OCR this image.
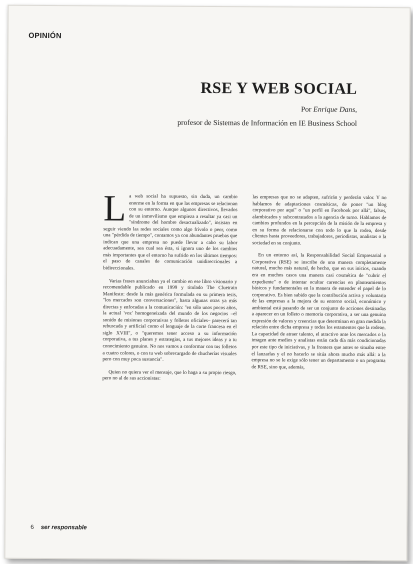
OPINIÓN
RSE Y WEB SOCIAL
Por Enrique Dans,
profesor de Sistemas de Información en IE Business School

La web social ha supuesto, sin duda, un cambio enorme en la forma en que las empresas se relacionan con su entorno. Aunque algunos directivos, llevados de un inmovilismo que empieza a resultar ya casi un "síndrome del hombre desactualizado", insistan en seguir viendo las redes sociales como algo frívolo o peor, como una "pérdida de tiempo", contamos ya con abundantes pruebas que indican que una empresa no puede llevar a cabo su labor adecuadamente, sea cual sea ésta, si ignora uno de los cambios más importantes que el entorno ha sufrido en los últimos tiempos: el paso de canales de comunicación unidireccionales a bidireccionales.

Varias frases anunciaban ya el cambio en ese libro visionario y recomendable publicado en 1999 y titulado The Cluetrain Manifesto: desde la más genérica formulada en su primera tesis, "los mercados son conversaciones", hasta algunas otras ya más directas y enfocadas a la comunicación: "en sólo unos pocos años, la actual 'voz' homogeneizada del mundo de los negocios –el sonido de misiones corporativas y folletos oficiales– parecerá tan rebuscada y artificial como el lenguaje de la corte francesa en el siglo XVIII", o "queremos tener acceso a su información corporativa, a tus planes y estrategias, a tus mejores ideas y a tu conocimiento genuino. No nos vamos a conformar con tus folletos a cuatro colores, o con tu web sobrecargado de chucherías visuales pero con muy poca sustancia".

Quien no quiera ver el mensaje, que lo haga a su propio riesgo, pero no al de sus accionistas:

las empresas que no se adapten, sufrirán y perderán valor. Y no hablamos de adaptaciones cosméticas, de poner "un blog corporativo por aquí" o "un perfil en Facebook por allá", falsos, alambicados y subcontratados a la agencia de turno. Hablamos de cambios profundos en la percepción de la misión de la empresa y en su forma de relacionarse con todo lo que la rodea, desde clientes hasta proveedores, trabajadores, periodistas, analistas o la sociedad en su conjunto.

En un entorno así, la Responsabilidad Social Empresarial o Corporativa (RSE) se inscribe de una manera completamente natural, mucho más natural, de hecho, que en sus inicios, cuando era en muchos casos una manera casi cosmética de "cubrir el expediente" o de intentar ocultar carencias en planteamientos básicos y fundamentales en la manera de entender el papel de lo corporativo. Es bien sabido que la contribución activa y voluntaria de las empresas a la mejora de su entorno social, económico y ambiental está pasando de ser un conjunto de acciones destinadas a aparecer en un folleto o memoria corporativa, a ser una genuina expresión de valores y creencias que determinan en gran medida la relación entre dicha empresa y todos los estamentos que la rodean. La capacidad de atraer talento, el atractivo ante los mercados o la imagen ante medios y analistas están cada día más condicionadas por este tipo de iniciativas, y la frontera que antes se situaba entre el lanzarlas y el no hacerlo se sitúa ahora mucho más allá: a la empresa no se le exige sólo tener un departamento o un programa de RSE, sino que, además,

6 ser responsable
